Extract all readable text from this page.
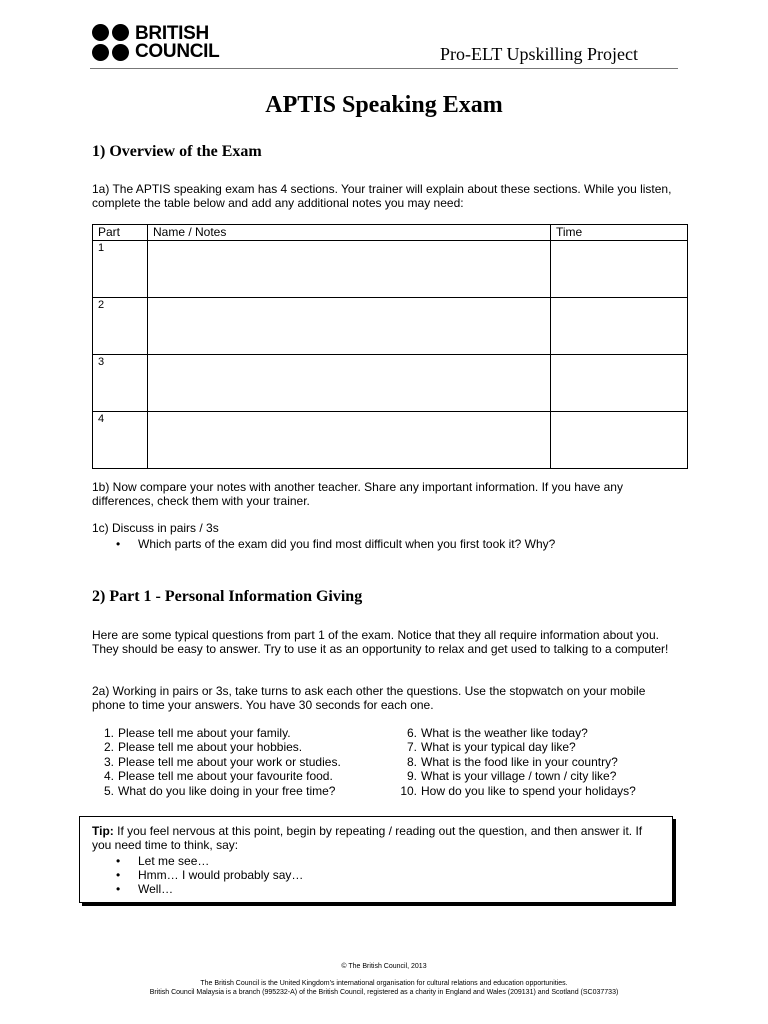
BRITISH
COUNCIL	Pro-ELT Upskilling Project
APTIS Speaking Exam
1) Overview of the Exam

1a) The APTIS speaking exam has 4 sections. Your trainer will explain about these sections. While you listen, complete the table below and add any additional notes you may need:

Part	Name / Notes	Time
1		
2		
3		
4		

1b) Now compare your notes with another teacher. Share any important information. If you have any differences, check them with your trainer.

1c) Discuss in pairs / 3s

• Which parts of the exam did you find most difficult when you first took it? Why?
2) Part 1 - Personal Information Giving

Here are some typical questions from part 1 of the exam. Notice that they all require information about you. They should be easy to answer. Try to use it as an opportunity to relax and get used to talking to a computer!

2a) Working in pairs or 3s, take turns to ask each other the questions. Use the stopwatch on your mobile phone to time your answers. You have 30 seconds for each one.

1. Please tell me about your family.
2. Please tell me about your hobbies.
3. Please tell me about your work or studies.
4. Please tell me about your favourite food.
5. What do you like doing in your free time?
6. What is the weather like today?
7. What is your typical day like?
8. What is the food like in your country?
9. What is your village / town / city like?
10. How do you like to spend your holidays?
Tip: If you feel nervous at this point, begin by repeating / reading out the question, and then answer it. If you need time to think, say:
• Let me see…
• Hmm… I would probably say…
• Well…
© The British Council, 2013
The British Council is the United Kingdom’s international organisation for cultural relations and education opportunities.
British Council Malaysia is a branch (995232-A) of the British Council, registered as a charity in England and Wales (209131) and Scotland (SC037733)
